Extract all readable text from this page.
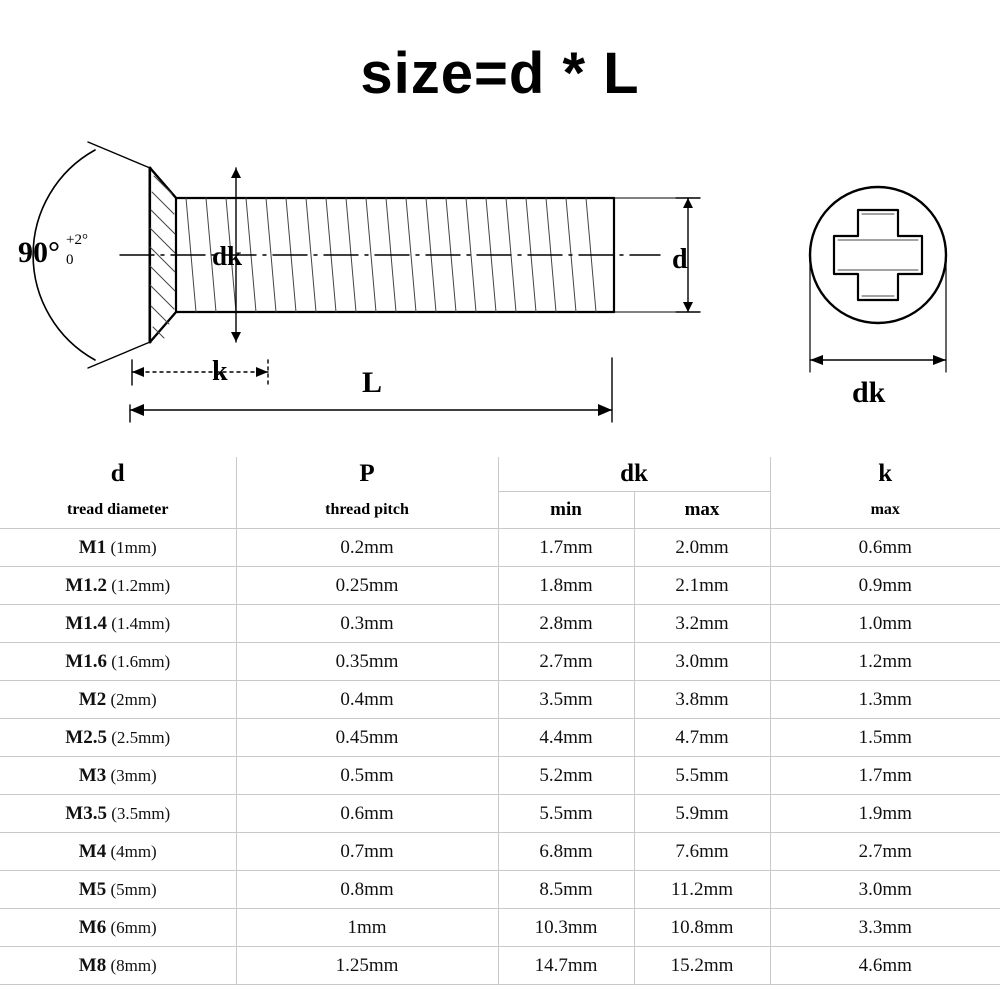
size=d * L
90° +2°
0	dk	d
k	L	dk
d	P	dk		k
tread diameter	thread pitch	min	max	max
M1 (1mm)	0.2mm	1.7mm	2.0mm	0.6mm
M1.2 (1.2mm)	0.25mm	1.8mm	2.1mm	0.9mm
M1.4 (1.4mm)	0.3mm	2.8mm	3.2mm	1.0mm
M1.6 (1.6mm)	0.35mm	2.7mm	3.0mm	1.2mm
M2 (2mm)	0.4mm	3.5mm	3.8mm	1.3mm
M2.5 (2.5mm)	0.45mm	4.4mm	4.7mm	1.5mm
M3 (3mm)	0.5mm	5.2mm	5.5mm	1.7mm
M3.5 (3.5mm)	0.6mm	5.5mm	5.9mm	1.9mm
M4 (4mm)	0.7mm	6.8mm	7.6mm	2.7mm
M5 (5mm)	0.8mm	8.5mm	11.2mm	3.0mm
M6 (6mm)	1mm	10.3mm	10.8mm	3.3mm
M8 (8mm)	1.25mm	14.7mm	15.2mm	4.6mm
